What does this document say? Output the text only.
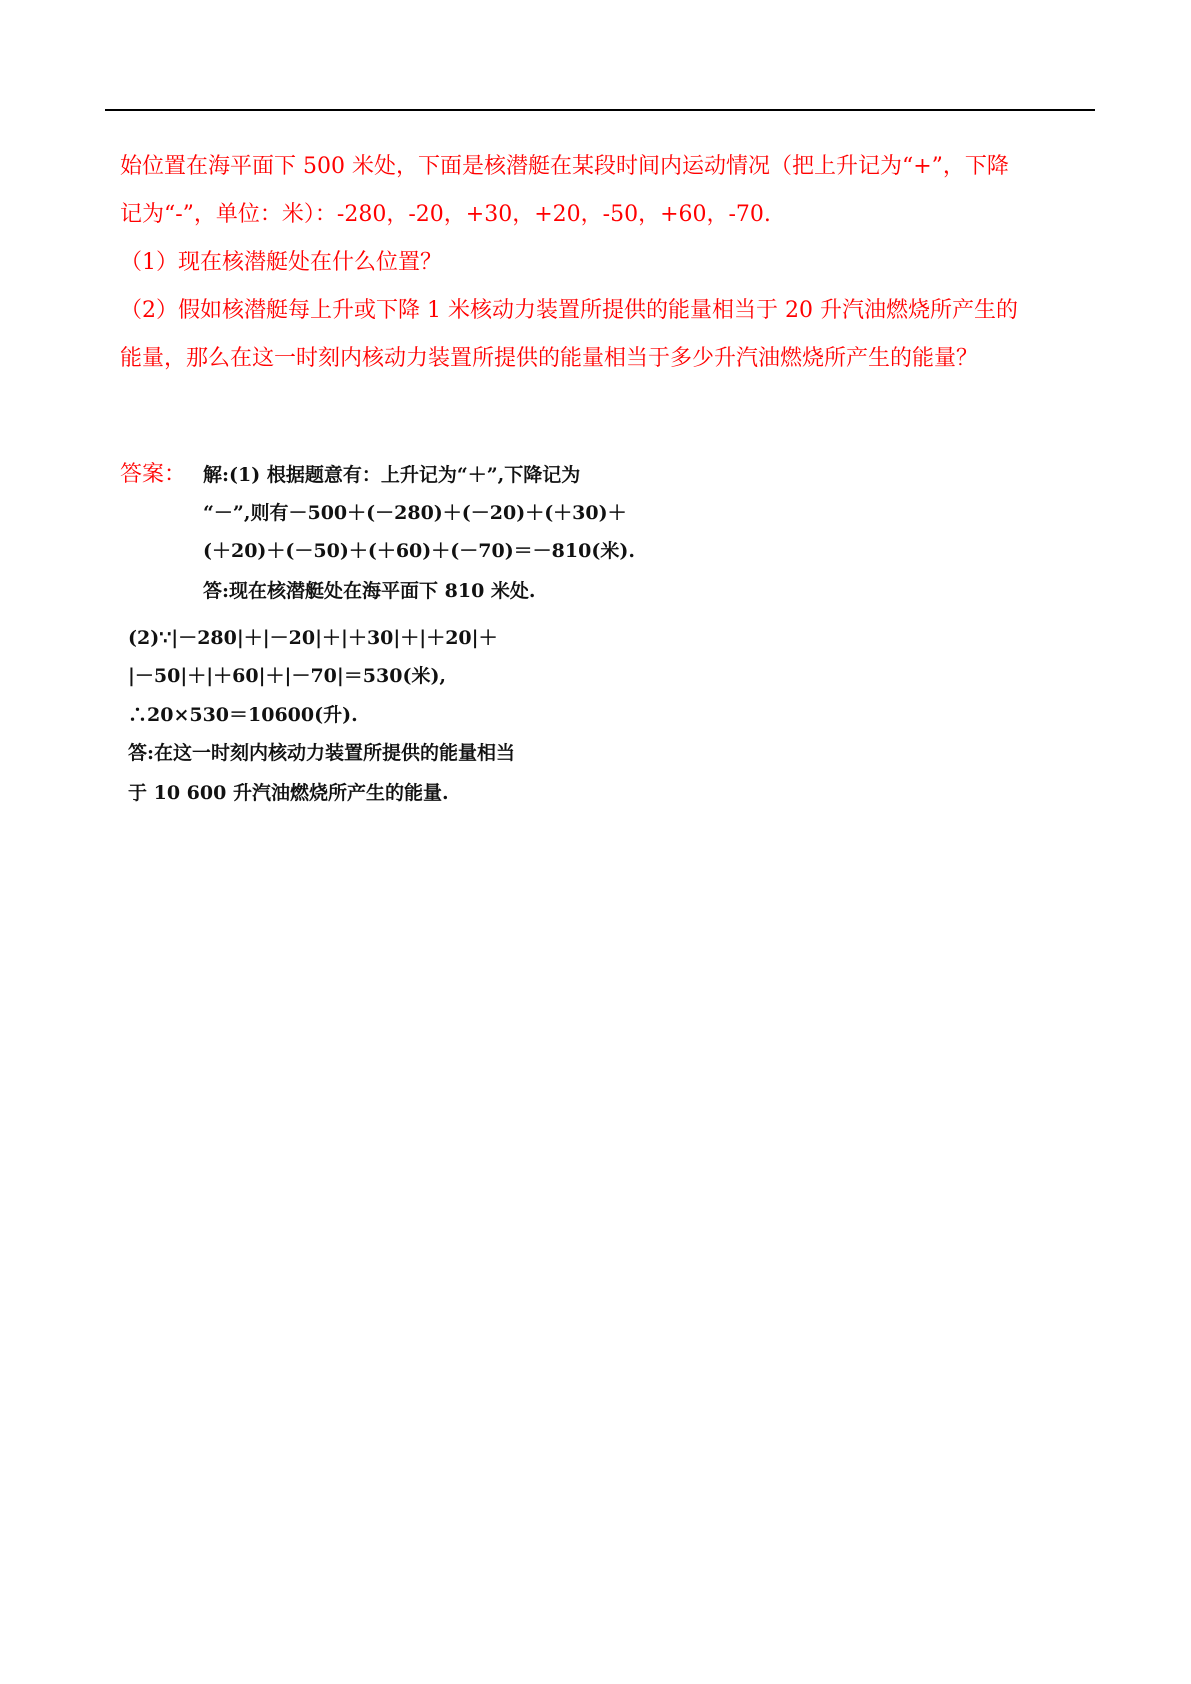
始位置在海平面下 500 米处，下面是核潜艇在某段时间内运动情况（把上升记为“+”，下降
记为“-”，单位：米）：-280，-20，+30，+20，-50，+60，-70.
（1）现在核潜艇处在什么位置？
（2）假如核潜艇每上升或下降 1 米核动力装置所提供的能量相当于 20 升汽油燃烧所产生的
能量，那么在这一时刻内核动力装置所提供的能量相当于多少升汽油燃烧所产生的能量？
答案： 解:(1) 根据题意有：上升记为“＋”,下降记为
“－”,则有－500＋(－280)＋(－20)＋(＋30)＋
(＋20)＋(－50)＋(＋60)＋(－70)＝－810(米).
答:现在核潜艇处在海平面下 810 米处.
(2)∵|－280|＋|－20|＋|＋30|＋|＋20|＋
|－50|＋|＋60|＋|－70|＝530(米),
∴20×530＝10600(升).
答:在这一时刻内核动力装置所提供的能量相当
于 10 600 升汽油燃烧所产生的能量.
